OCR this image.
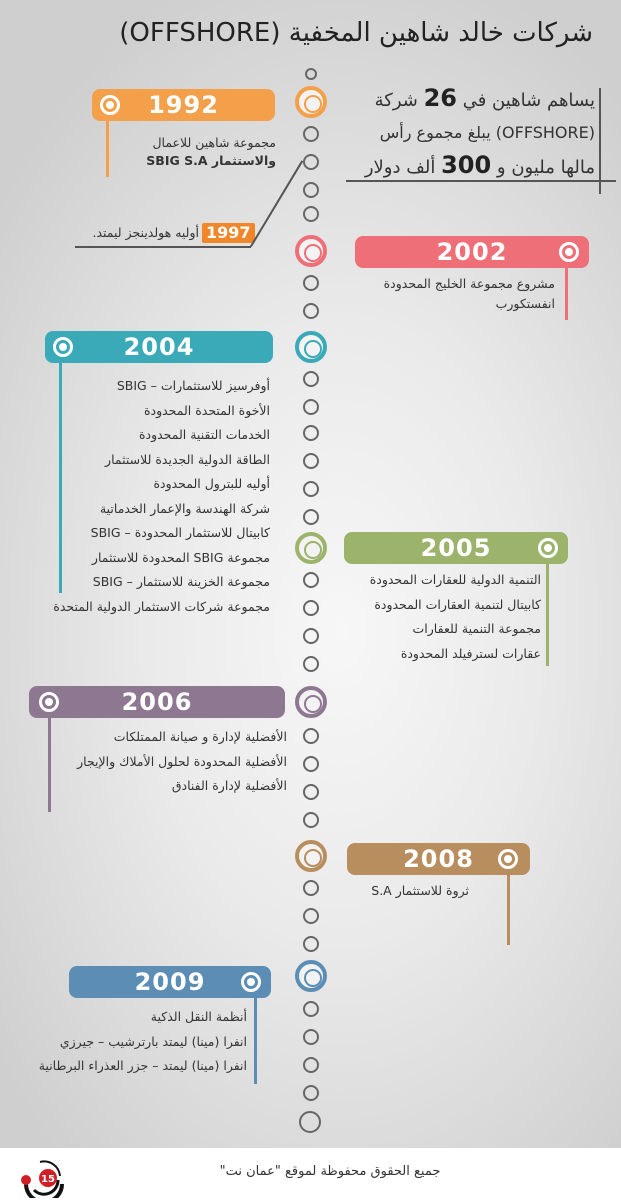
شركات خالد شاهين المخفية (OFFSHORE)
يساهم شاهين في 26 شركة
(OFFSHORE) يبلغ مجموع رأس
مالها مليون و 300 ألف دولار
1992
مجموعة شاهين للاعمال
والاستثمار SBIG S.A
1997
أوليه هولدينجز ليمتد.
2002
مشروع مجموعة الخليج المحدودة
انفستكورب
2004
أوفرسيز للاستثمارات – SBIG
الأخوة المتحدة المحدودة
الخدمات التقنية المحدودة
الطاقة الدولية الجديدة للاستثمار
أوليه للبترول المحدودة
شركة الهندسة والإعمار الخدماتية
كابيتال للاستثمار المحدودة – SBIG
مجموعة SBIG المحدودة للاستثمار
مجموعة الخزينة للاستثمار – SBIG
مجموعة شركات الاستثمار الدولية المتحدة
2005
التنمية الدولية للعقارات المحدودة
كابيتال لتنمية العقارات المحدودة
مجموعة التنمية للعقارات
عقارات لسترفيلد المحدودة
2006
الأفضلية لإدارة و صيانة الممتلكات
الأفضلية المحدودة لحلول الأملاك والإيجار
الأفضلية لإدارة الفنادق
2008
ثروة للاستثمار S.A
2009
أنظمة النقل الذكية
انفرا (مينا) ليمتد بارترشيب – جيرزي
انفرا (مينا) ليمتد – جزر العذراء البرطانية
15
جميع الحقوق محفوظة لموقع "عمان نت"
